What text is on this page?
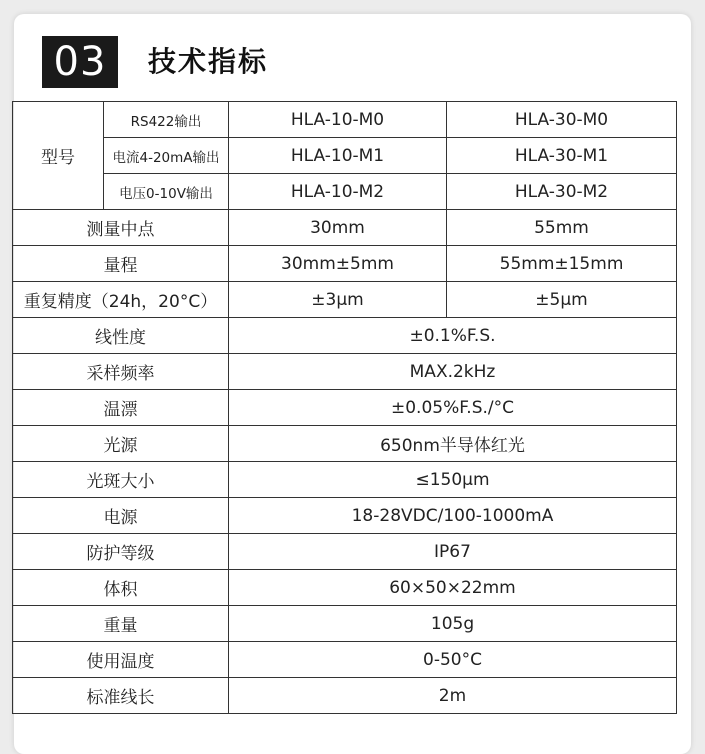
03	技术指标
型号	RS422输出	HLA-10-M0	HLA-30-M0
	电流4-20mA输出	HLA-10-M1	HLA-30-M1
	电压0-10V输出	HLA-10-M2	HLA-30-M2
测量中点		30mm	55mm
量程		30mm±5mm	55mm±15mm
重复精度（24h，20°C）		±3μm	±5μm
线性度		±0.1%F.S.	
采样频率		MAX.2kHz	
温漂		±0.05%F.S./°C	
光源		650nm半导体红光	
光斑大小		≤150μm	
电源		18-28VDC/100-1000mA	
防护等级		IP67	
体积		60×50×22mm	
重量		105g	
使用温度		0-50°C	
标准线长		2m	
